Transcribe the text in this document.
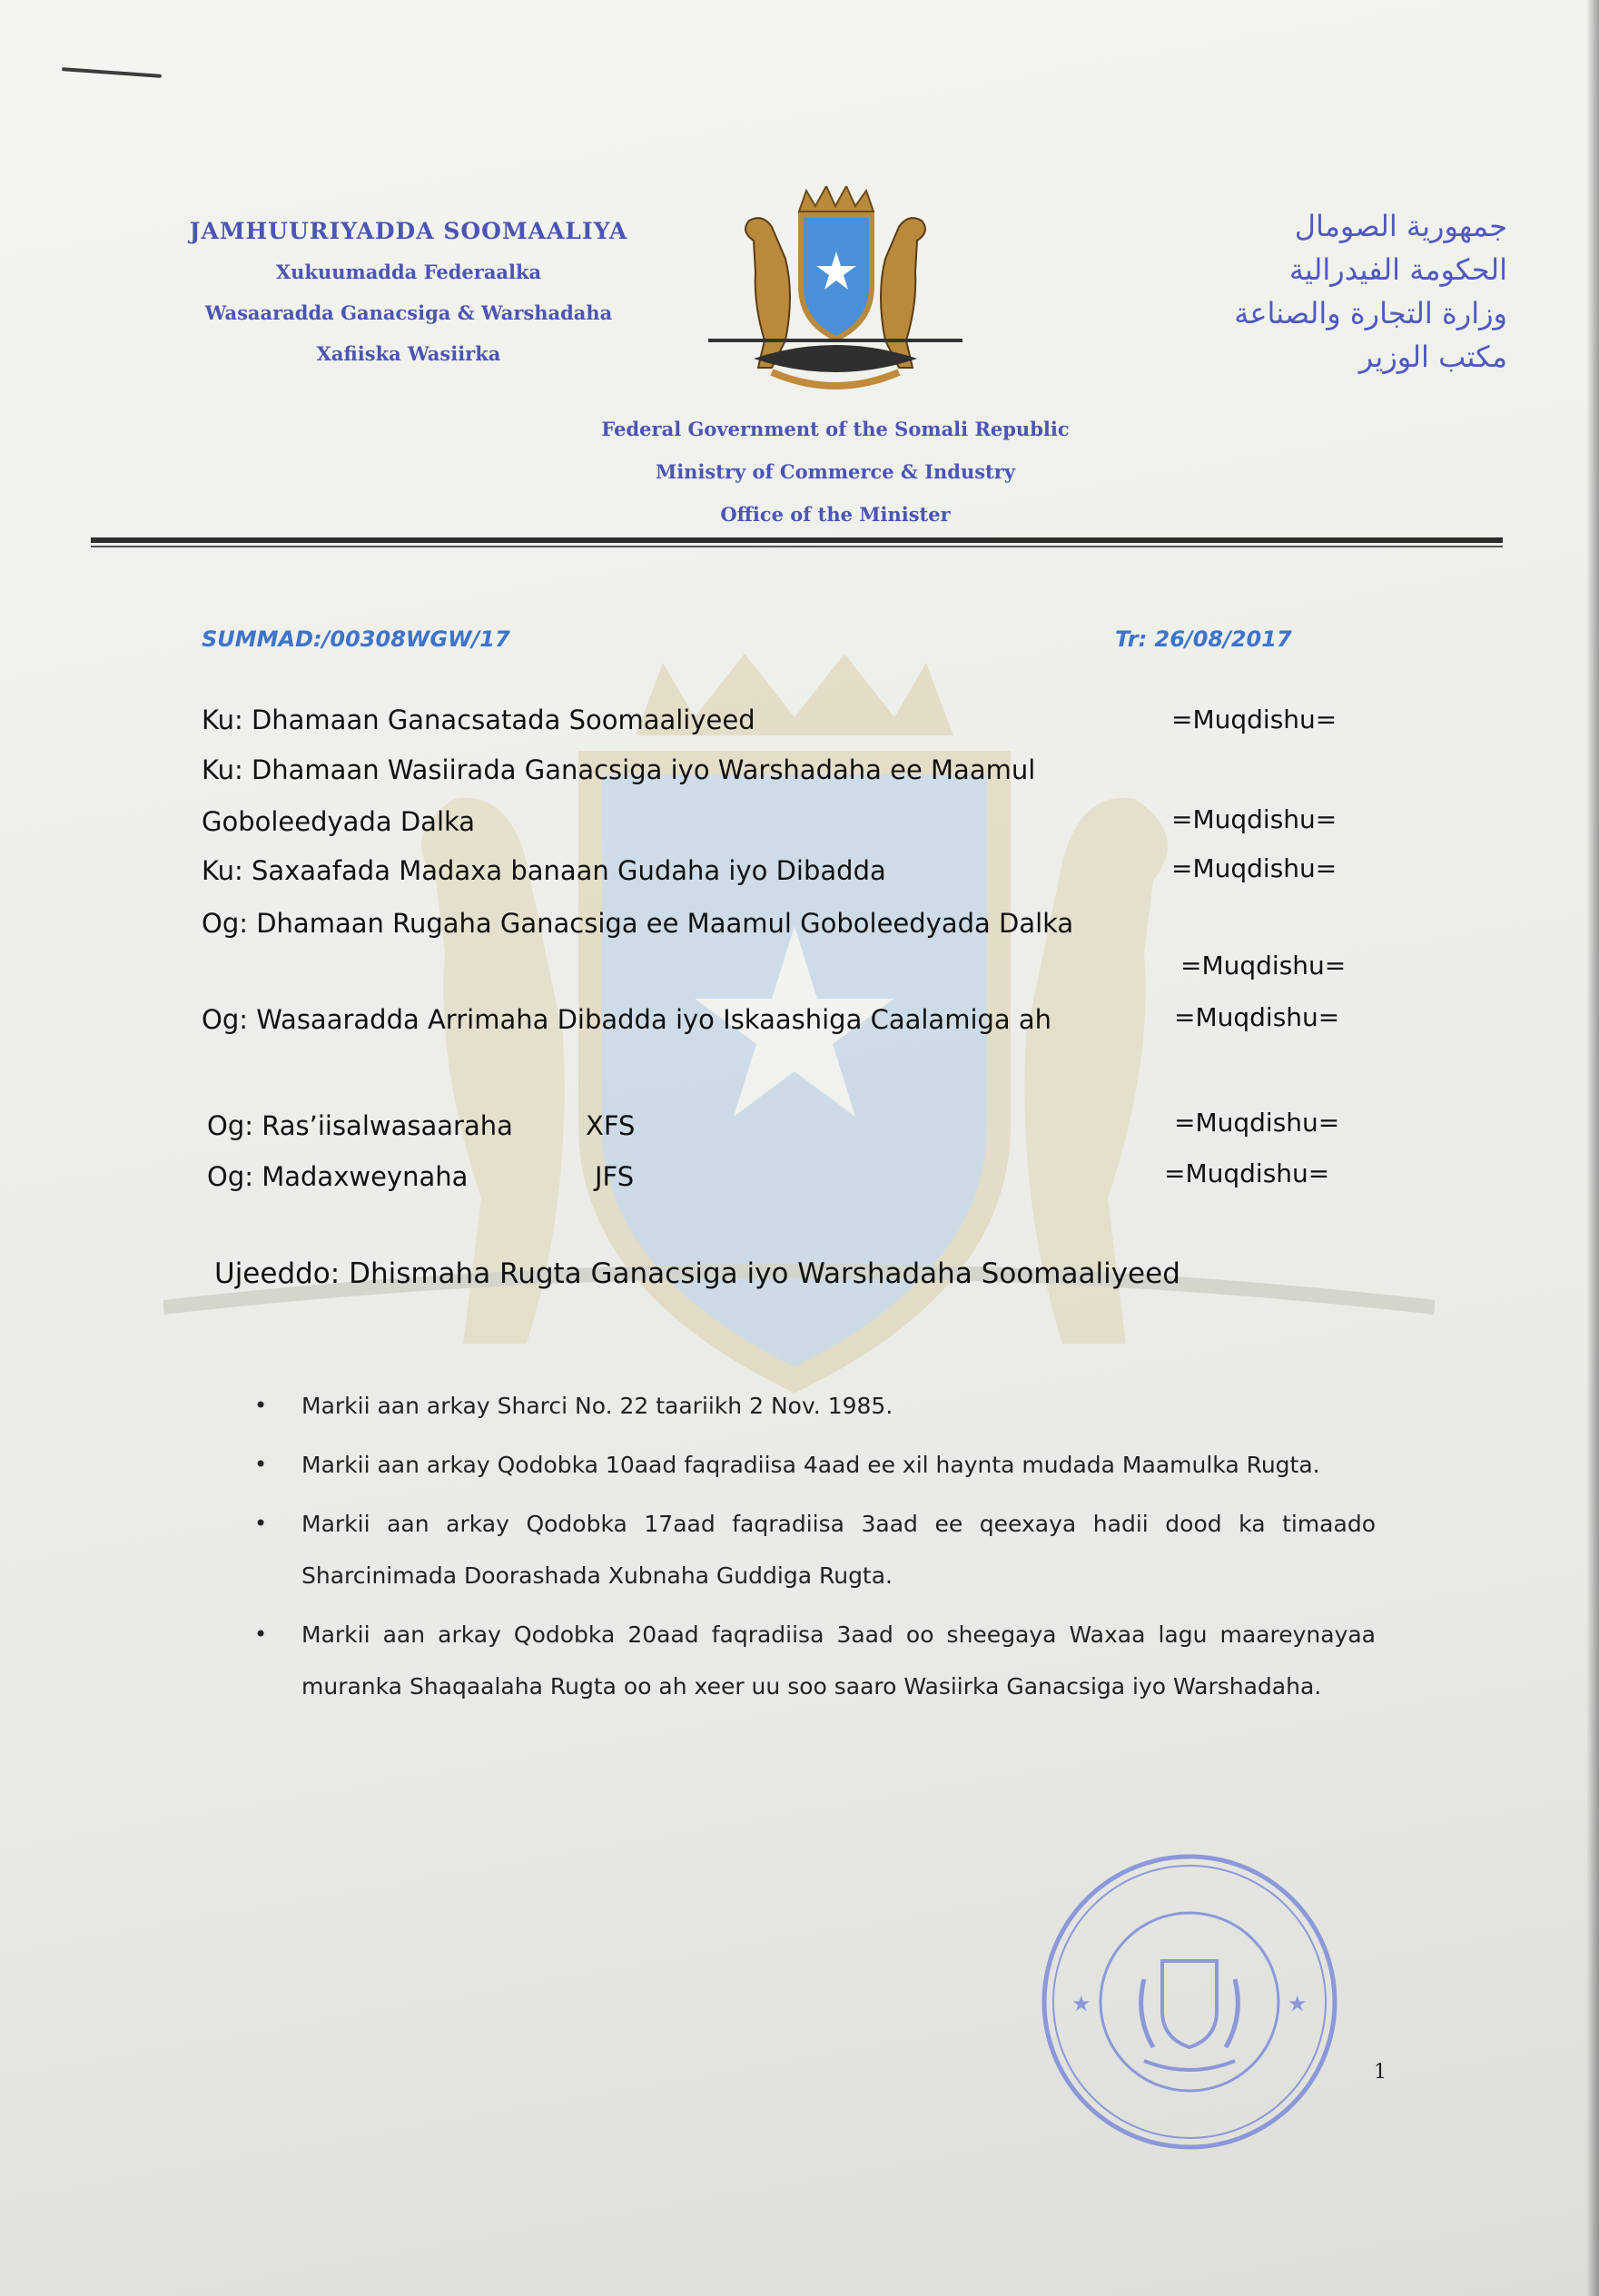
JAMHUURIYADDA SOOMAALIYA
Xukuumadda Federaalka
Wasaaradda Ganacsiga & Warshadaha
Xafiiska Wasiirka
جمهورية الصومال
الحكومة الفيدرالية
وزارة التجارة والصناعة
مكتب الوزير
Federal Government of the Somali Republic
Ministry of Commerce & Industry
Office of the Minister
SUMMAD:/00308WGW/17	Tr: 26/08/2017
Ku: Dhamaan Ganacsatada Soomaaliyeed	=Muqdishu=
Ku: Dhamaan Wasiirada Ganacsiga iyo Warshadaha ee Maamul
Goboleedyada Dalka	=Muqdishu=
Ku: Saxaafada Madaxa banaan Gudaha iyo Dibadda	=Muqdishu=
Og: Dhamaan Rugaha Ganacsiga ee Maamul Goboleedyada Dalka
=Muqdishu=
Og: Wasaaradda Arrimaha Dibadda iyo Iskaashiga Caalamiga ah	=Muqdishu=
Og: Ras’iisalwasaaraha	XFS	=Muqdishu=
Og: Madaxweynaha	JFS	=Muqdishu=
Ujeeddo: Dhismaha Rugta Ganacsiga iyo Warshadaha Soomaaliyeed
• Markii aan arkay Sharci No. 22 taariikh 2 Nov. 1985.
• Markii aan arkay Qodobka 10aad faqradiisa 4aad ee xil haynta mudada Maamulka Rugta.
• Markii aan arkay Qodobka 17aad faqradiisa 3aad ee qeexaya hadii dood ka timaado Sharcinimada Doorashada Xubnaha Guddiga Rugta.
• Markii aan arkay Qodobka 20aad faqradiisa 3aad oo sheegaya Waxaa lagu maareynayaa muranka Shaqaalaha Rugta oo ah xeer uu soo saaro Wasiirka Ganacsiga iyo Warshadaha.
★	★
1
